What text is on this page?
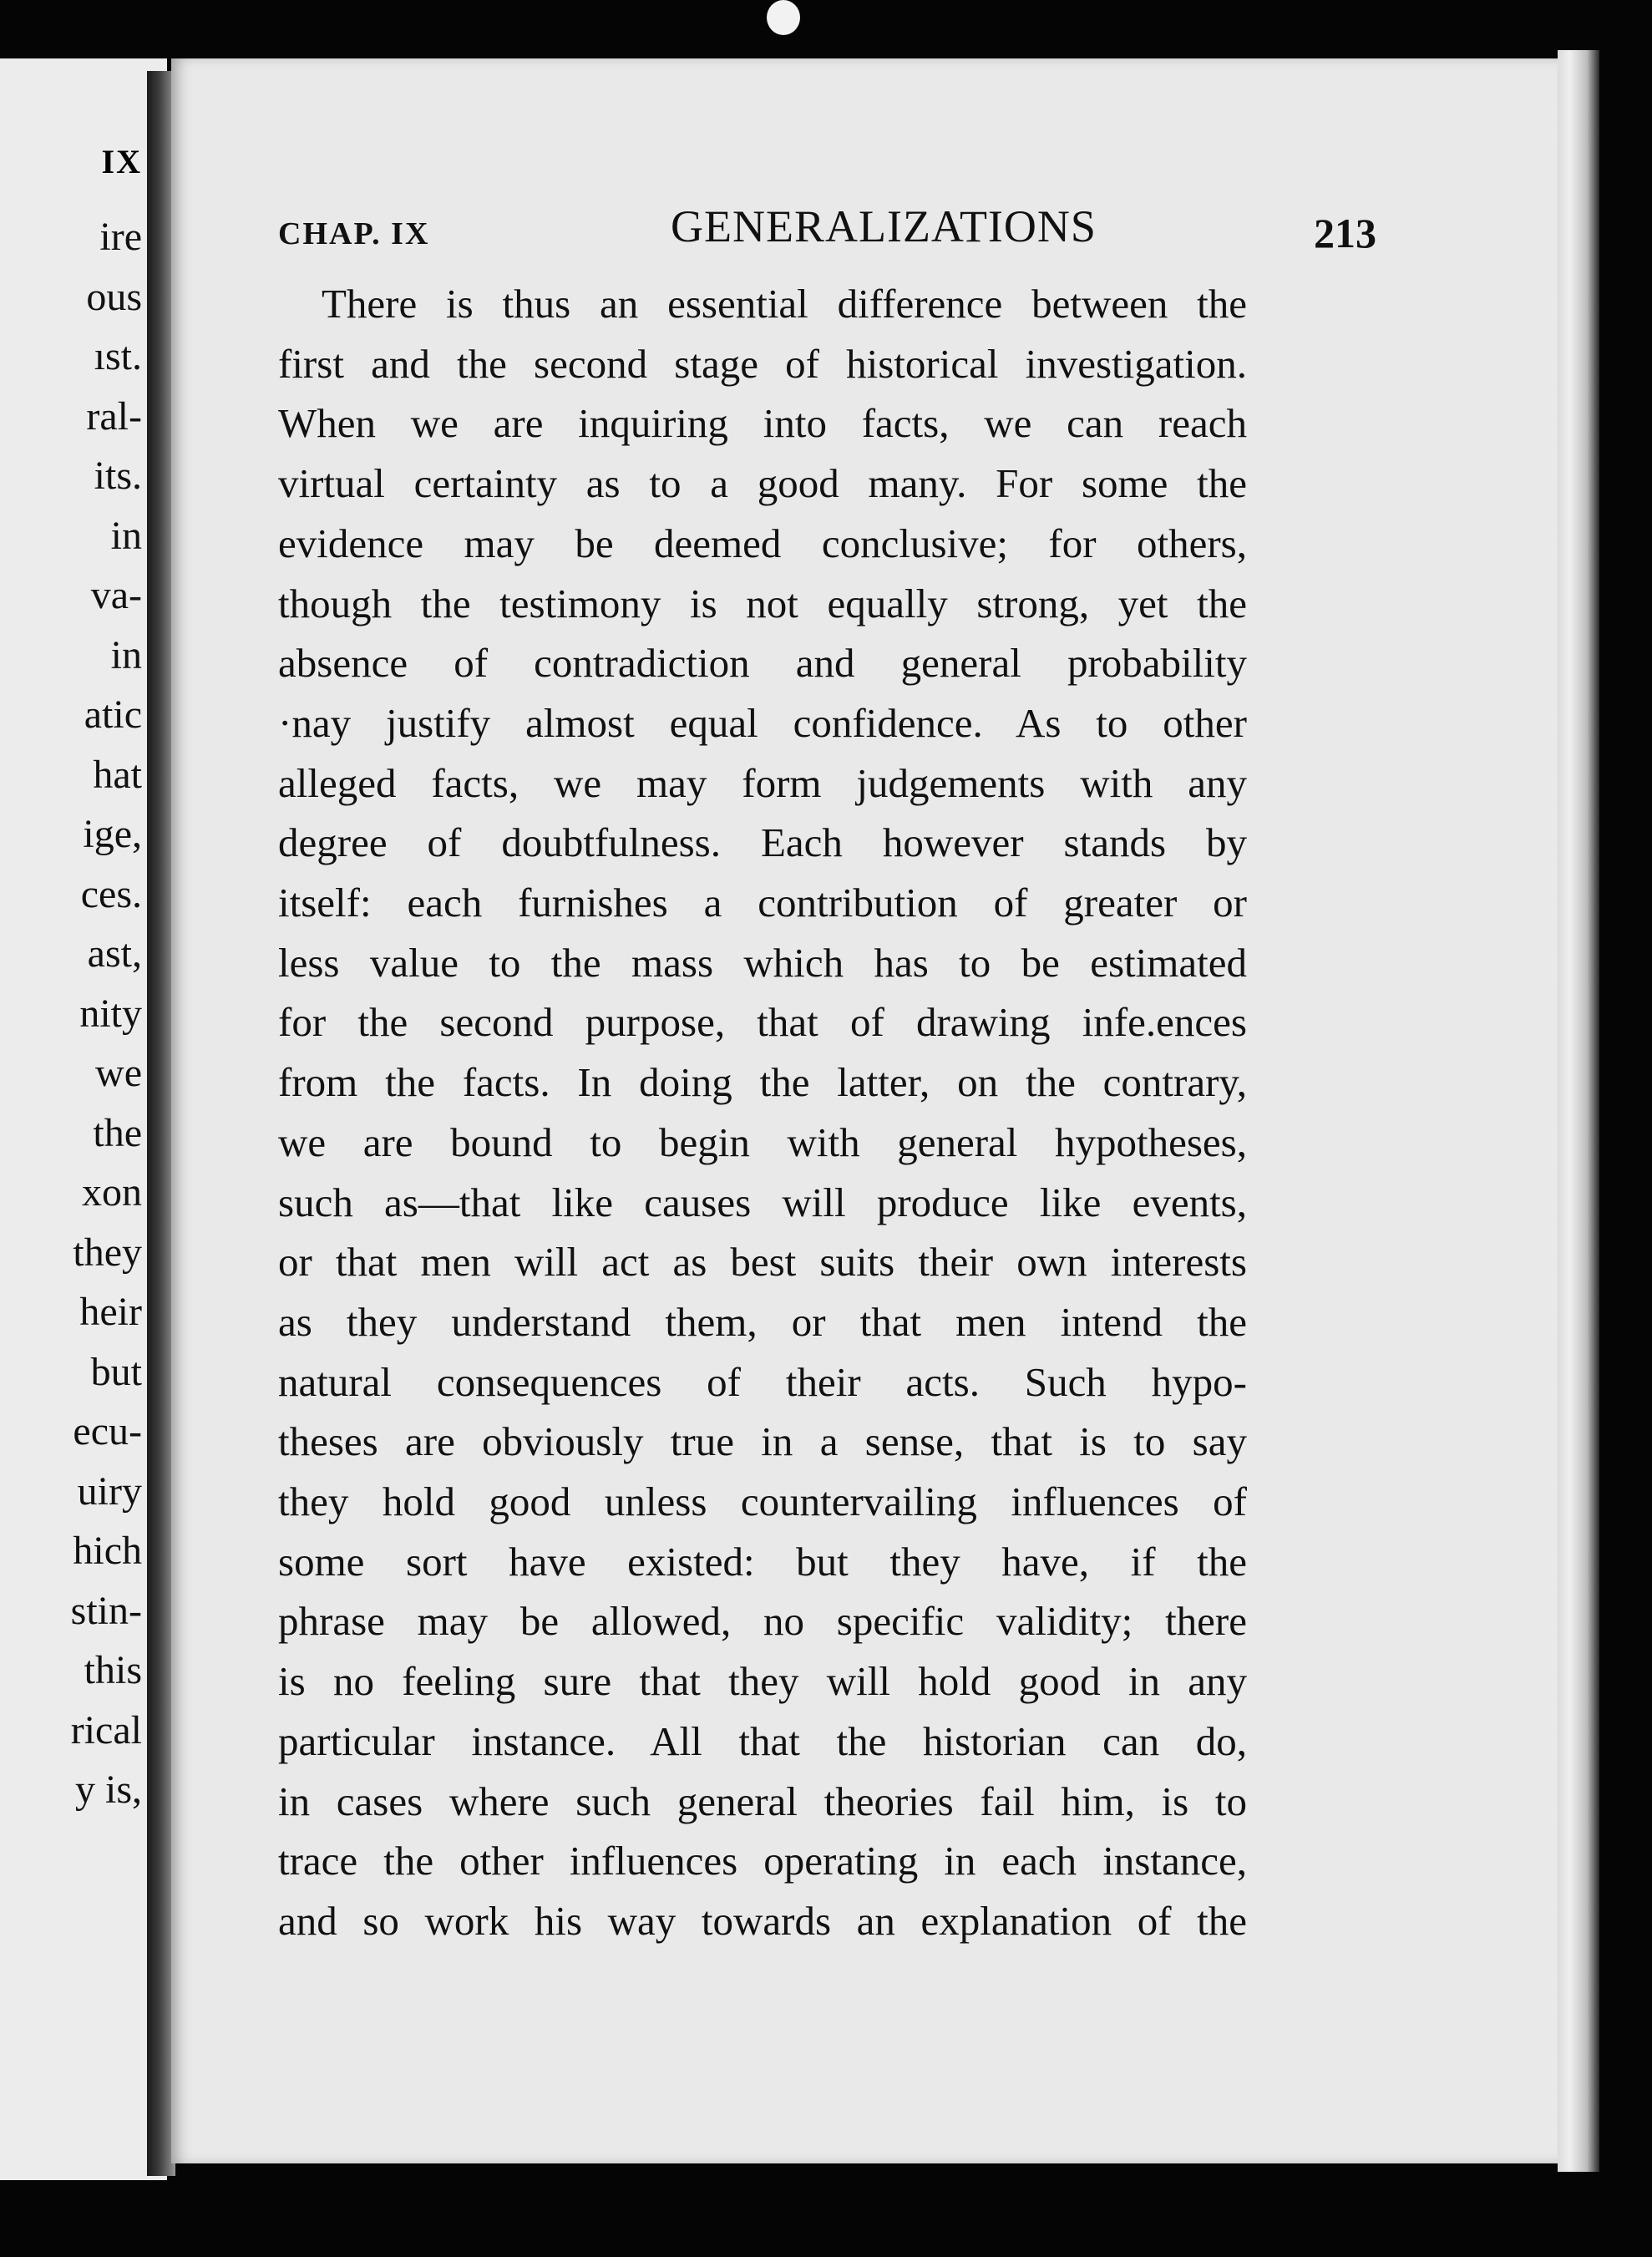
IX
ire
ous
ıst.
ral-
its.
in
va-
in
atic
hat
ige,
ces.
ast,
nity
we
the
xon
they
heir
but
ecu-
uiry
hich
stin-
this
rical
y is,
CHAP. IX	GENERALIZATIONS	213
There is thus an essential difference between the
first and the second stage of historical investigation.
When we are inquiring into facts, we can reach
virtual certainty as to a good many. For some the
evidence may be deemed conclusive; for others,
though the testimony is not equally strong, yet the
absence of contradiction and general probability
·nay justify almost equal confidence. As to other
alleged facts, we may form judgements with any
degree of doubtfulness. Each however stands by
itself: each furnishes a contribution of greater or
less value to the mass which has to be estimated
for the second purpose, that of drawing infe.ences
from the facts. In doing the latter, on the contrary,
we are bound to begin with general hypotheses,
such as—that like causes will produce like events,
or that men will act as best suits their own interests
as they understand them, or that men intend the
natural consequences of their acts. Such hypo-
theses are obviously true in a sense, that is to say
they hold good unless countervailing influences of
some sort have existed: but they have, if the
phrase may be allowed, no specific validity; there
is no feeling sure that they will hold good in any
particular instance. All that the historian can do,
in cases where such general theories fail him, is to
trace the other influences operating in each instance,
and so work his way towards an explanation of the
